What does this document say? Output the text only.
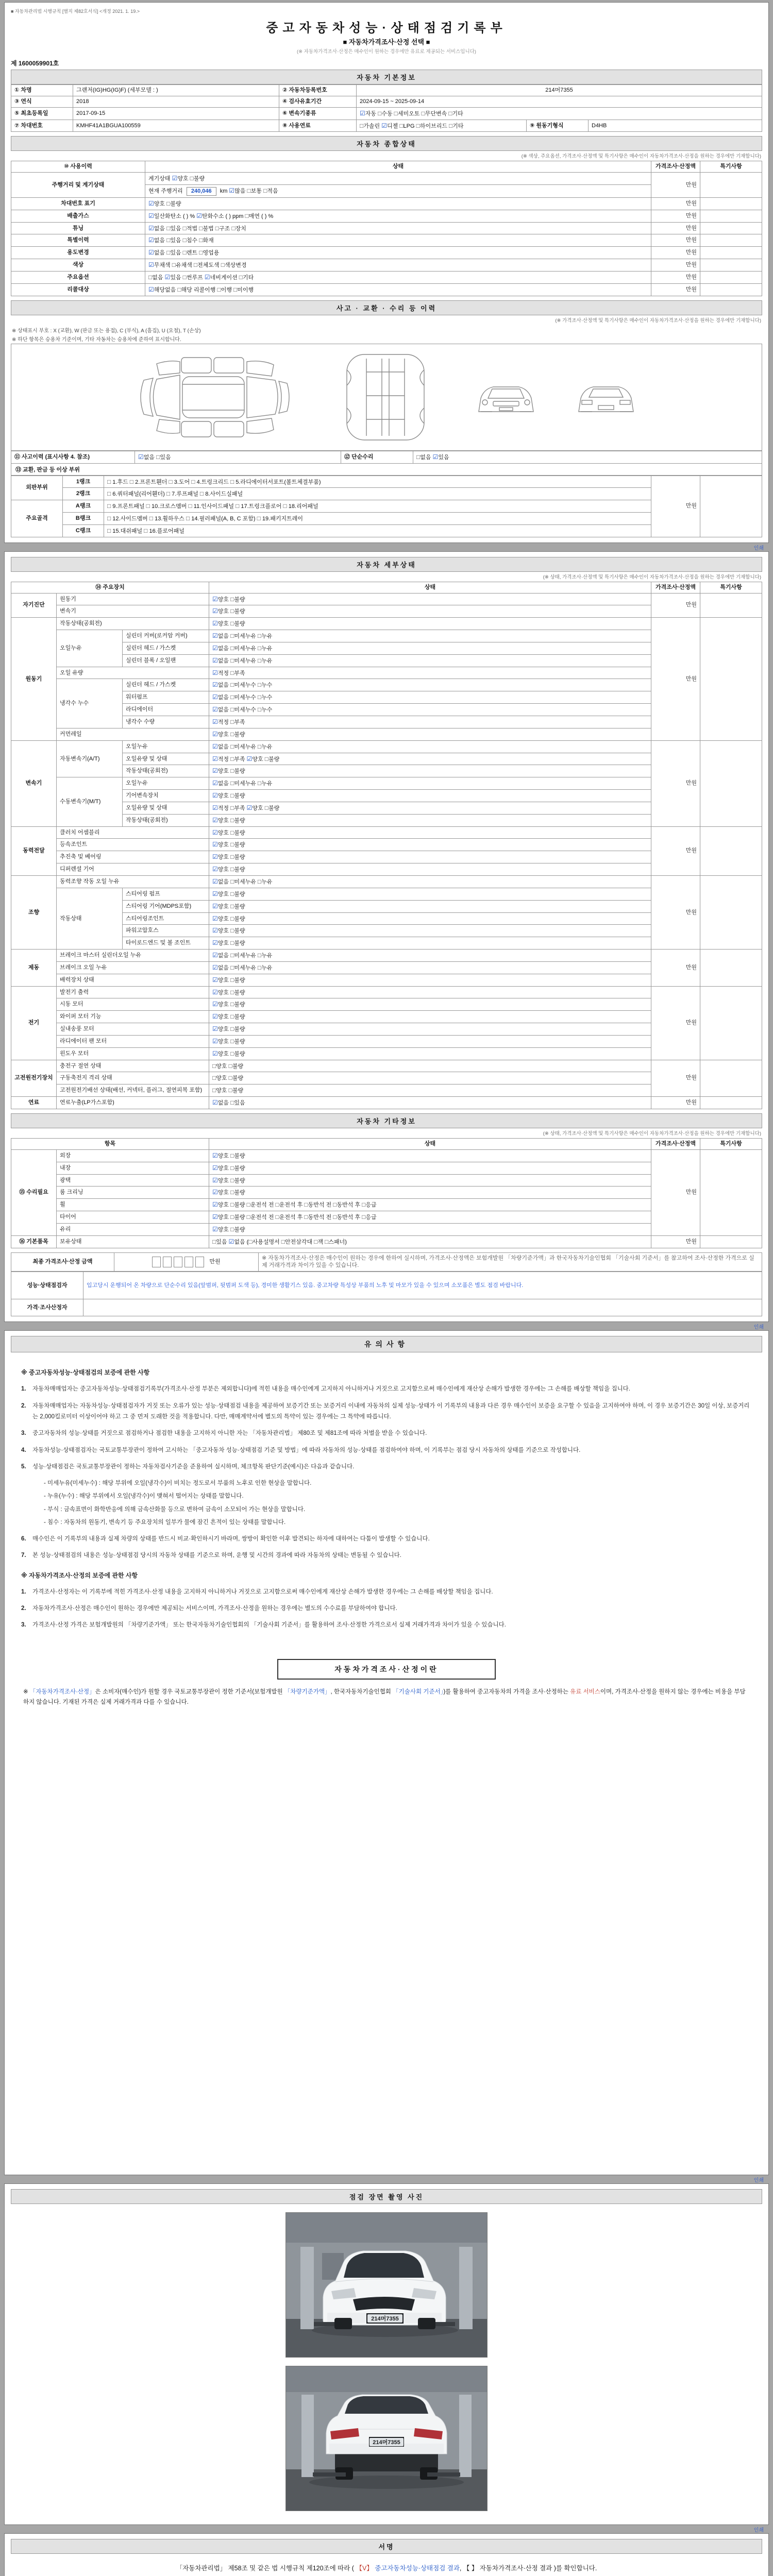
■ 자동차관리법 시행규칙 [별지 제82호서식] <개정 2021. 1. 19.>
중고자동차성능·상태점검기록부
■ 자동차가격조사·산정 선택 ■
(※ 자동차가격조사·산정은 매수인이 원하는 경우에만 유료로 제공되는 서비스입니다)
제 1600059901호
자동차 기본정보
① 차명	그랜저(IG)HG(IG)F) (세부모델 : )	② 자동차등록번호	214머7355		
③ 연식	2018	④ 검사유효기간	2024-09-15 ~ 2025-09-14		
⑤ 최초등록일	2017-09-15	⑥ 변속기종류	☑자동 □수동 □세미오토 □무단변속 □기타		
⑦ 차대번호	KMHF41A1BGUA100559	⑧ 사용연료	□가솔린 ☑디젤 □LPG □하이브리드 □기타	⑨ 원동기형식	D4HB
자동차 종합상태
(※ 색상, 주요옵션, 가격조사·산정액 및 특기사항은 매수인이 자동차가격조사·산정을 원하는 경우에만 기재합니다)
⑩ 사용이력	상태	가격조사·산정액	특기사항
주행거리 및 계기상태	계기상태 ☑양호 □불량	만원	
	현재 주행거리 240,046 km ☑많음 □보통 □적음		
차대번호 표기	☑양호 □불량	만원	
배출가스	☑일산화탄소 ( ) % ☑탄화수소 ( ) ppm □매연 ( ) %	만원	
튜닝	☑없음 □있음 □적법 □불법 □구조 □장치	만원	
특별이력	☑없음 □있음 □침수 □화재	만원	
용도변경	☑없음 □있음 □렌트 □영업용	만원	
색상	☑무채색 □유채색 □전체도색 □색상변경	만원	
주요옵션	□없음 ☑있음 □썬루프 ☑네비게이션 □기타	만원	
리콜대상	☑해당없음 □해당 리콜이행 □이행 □미이행	만원	
사고 · 교환 · 수리 등 이력
(※ 가격조사·산정액 및 특기사항은 매수인이 자동차가격조사·산정을 원하는 경우에만 기재합니다)
※ 상태표시 부호 : X (교환), W (판금 또는 용접), C (부식), A (흠집), U (요철), T (손상)
※ 하단 항목은 승용차 기준이며, 기타 자동차는 승용차에 준하여 표시합니다.
⑪ 사고이력 (표시사항 4. 참조)	☑없음 □있음	⑫ 단순수리	□없음 ☑있음
⑬ 교환, 판금 등 이상 부위
외판부위	1랭크	□ 1.후드 □ 2.프론트휀더 □ 3.도어 □ 4.트렁크리드 □ 5.라디에이터서포트(볼트체결부품)	만원	
	2랭크	□ 6.쿼터패널(리어휀더) □ 7.루프패널 □ 8.사이드실패널		
주요골격	A랭크	□ 9.프론트패널 □ 10.크로스멤버 □ 11.인사이드패널 □ 17.트렁크플로어 □ 18.리어패널		
	B랭크	□ 12.사이드멤버 □ 13.휠하우스 □ 14.필러패널(A, B, C 포함) □ 19.패키지트레이		
	C랭크	□ 15.대쉬패널 □ 16.플로어패널		
인쇄
자동차 세부상태
(※ 상태, 가격조사·산정액 및 특기사항은 매수인이 자동차가격조사·산정을 원하는 경우에만 기재합니다)
⑭ 주요장치			상태	가격조사·산정액	특기사항
자기진단	원동기		☑양호 □불량	만원	
	변속기		☑양호 □불량		
원동기	작동상태(공회전)		☑양호 □불량	만원	
	오일누유	실린더 커버(로커암 커버)	☑없음 □미세누유 □누유		
		실린더 헤드 / 가스켓	☑없음 □미세누유 □누유		
		실린더 블록 / 오일팬	☑없음 □미세누유 □누유		
	오일 유량		☑적정 □부족		
	냉각수 누수	실린더 헤드 / 가스켓	☑없음 □미세누수 □누수		
		워터펌프	☑없음 □미세누수 □누수		
		라디에이터	☑없음 □미세누수 □누수		
		냉각수 수량	☑적정 □부족		
	커먼레일		☑양호 □불량		
변속기	자동변속기(A/T)	오일누유	☑없음 □미세누유 □누유	만원	
		오일유량 및 상태	☑적정 □부족 ☑양호 □불량		
		작동상태(공회전)	☑양호 □불량		
	수동변속기(M/T)	오일누유	☑없음 □미세누유 □누유		
		기어변속장치	☑양호 □불량		
		오일유량 및 상태	☑적정 □부족 ☑양호 □불량		
		작동상태(공회전)	☑양호 □불량		
동력전달	클러치 어셈블리		☑양호 □불량	만원	
	등속조인트		☑양호 □불량		
	추진축 및 베어링		☑양호 □불량		
	디퍼렌셜 기어		☑양호 □불량		
조향	동력조향 작동 오일 누유		☑없음 □미세누유 □누유	만원	
	작동상태	스티어링 펌프	☑양호 □불량		
		스티어링 기어(MDPS포함)	☑양호 □불량		
		스티어링조인트	☑양호 □불량		
		파워고압호스	☑양호 □불량		
		타이로드엔드 및 볼 조인트	☑양호 □불량		
제동	브레이크 마스터 실린더오일 누유		☑없음 □미세누유 □누유	만원	
	브레이크 오일 누유		☑없음 □미세누유 □누유		
	배력장치 상태		☑양호 □불량		
전기	발전기 출력		☑양호 □불량	만원	
	시동 모터		☑양호 □불량		
	와이퍼 모터 기능		☑양호 □불량		
	실내송풍 모터		☑양호 □불량		
	라디에이터 팬 모터		☑양호 □불량		
	윈도우 모터		☑양호 □불량		
고전원전기장치	충전구 절연 상태		□양호 □불량	만원	
	구동축전지 격리 상태		□양호 □불량		
	고전원전기배선 상태(배선, 커넥터, 플러그, 절연피복 포함)		□양호 □불량		
연료	연료누출(LP가스포함)		☑없음 □있음	만원	
자동차 기타정보
(※ 상태, 가격조사·산정액 및 특기사항은 매수인이 자동차가격조사·산정을 원하는 경우에만 기재합니다)
항목		상태	가격조사·산정액	특기사항
⑮ 수리필요	외장	☑양호 □불량	만원	
	내장	☑양호 □불량		
	광택	☑양호 □불량		
	룸 크리닝	☑양호 □불량		
	휠	☑양호 □불량 □운전석 전 □운전석 후 □동반석 전 □동반석 후 □응급		
	타이어	☑양호 □불량 □운전석 전 □운전석 후 □동반석 전 □동반석 후 □응급		
	유리	☑양호 □불량		
⑯ 기본품목	보유상태	□있음 ☑없음 (□사용설명서 □안전삼각대 □잭 □스패너)	만원	
최종 가격조사·산정 금액	만원	※ 자동차가격조사·산정은 매수인이 원하는 경우에 한하여 실시하며, 가격조사·산정액은 보험개발원 「차량기준가액」과 한국자동차기술인협회 「기술사회 기준서」를 참고하여 조사·산정한 가격으로 실제 거래가격과 차이가 있을 수 있습니다.
성능·상태점검자	입고당시 운행되어 온 차량으로 단순수리 있음(앞범퍼, 뒷범퍼 도색 등), 경미한 생활기스 있음. 중고차량 특성상 부품의 노후 및 마모가 있을 수 있으며 소모품은 별도 점검 바랍니다.
가격·조사산정자	
인쇄
유의사항
※ 중고자동차성능·상태점검의 보증에 관한 사항
1.	자동차매매업자는 중고자동차성능·상태점검기록부(가격조사·산정 부분은 제외합니다)에 적힌 내용을 매수인에게 고지하지 아니하거나 거짓으로 고지함으로써 매수인에게 재산상 손해가 발생한 경우에는 그 손해를 배상할 책임을 집니다.
2.	자동차매매업자는 자동차성능·상태점검자가 거짓 또는 오류가 있는 성능·상태점검 내용을 제공하여 보증기간 또는 보증거리 이내에 자동차의 실제 성능·상태가 이 기록부의 내용과 다른 경우 매수인이 보증을 요구할 수 있음을 고지하여야 하며, 이 경우 보증기간은 30일 이상, 보증거리는 2,000킬로미터 이상이어야 하고 그 중 먼저 도래한 것을 적용합니다. 다만, 매매계약서에 별도의 특약이 있는 경우에는 그 특약에 따릅니다.
3.	중고자동차의 성능·상태를 거짓으로 점검하거나 점검한 내용을 고지하지 아니한 자는 「자동차관리법」 제80조 및 제81조에 따라 처벌을 받을 수 있습니다.
4.	자동차성능·상태점검자는 국토교통부장관이 정하여 고시하는 「중고자동차 성능·상태점검 기준 및 방법」에 따라 자동차의 성능·상태를 점검하여야 하며, 이 기록부는 점검 당시 자동차의 상태를 기준으로 작성합니다.
5.	성능·상태점검은 국토교통부장관이 정하는 자동차검사기준을 준용하여 실시하며, 체크항목 판단기준(예시)은 다음과 같습니다.
- 미세누유(미세누수) : 해당 부위에 오일(냉각수)이 비치는 정도로서 부품의 노후로 인한 현상을 말합니다.
- 누유(누수) : 해당 부위에서 오일(냉각수)이 맺혀서 떨어지는 상태를 말합니다.
- 부식 : 금속표면이 화학반응에 의해 금속산화물 등으로 변하여 금속이 소모되어 가는 현상을 말합니다.
- 침수 : 자동차의 원동기, 변속기 등 주요장치의 일부가 물에 잠긴 흔적이 있는 상태를 말합니다.
6.	매수인은 이 기록부의 내용과 실제 차량의 상태를 반드시 비교·확인하시기 바라며, 쌍방이 확인한 이후 발견되는 하자에 대하여는 다툼이 발생할 수 있습니다.
7.	본 성능·상태점검의 내용은 성능·상태점검 당시의 자동차 상태를 기준으로 하며, 운행 및 시간의 경과에 따라 자동차의 상태는 변동될 수 있습니다.
※ 자동차가격조사·산정의 보증에 관한 사항
1.	가격조사·산정자는 이 기록부에 적힌 가격조사·산정 내용을 고지하지 아니하거나 거짓으로 고지함으로써 매수인에게 재산상 손해가 발생한 경우에는 그 손해를 배상할 책임을 집니다.
2.	자동차가격조사·산정은 매수인이 원하는 경우에만 제공되는 서비스이며, 가격조사·산정을 원하는 경우에는 별도의 수수료를 부담하여야 합니다.
3.	가격조사·산정 가격은 보험개발원의 「차량기준가액」 또는 한국자동차기술인협회의 「기술사회 기준서」를 활용하여 조사·산정한 가격으로서 실제 거래가격과 차이가 있을 수 있습니다.
자동차가격조사·산정이란
※ 「자동차가격조사·산정」은 소비자(매수인)가 원할 경우 국토교통부장관이 정한 기준서(보험개발원 「차량기준가액」, 한국자동차기술인협회 「기술사회 기준서」)를 활용하여 중고자동차의 가격을 조사·산정하는 유료 서비스이며, 가격조사·산정을 원하지 않는 경우에는 비용을 부담하지 않습니다. 기재된 가격은 실제 거래가격과 다를 수 있습니다.
인쇄
점검 장면 촬영 사진
214머7355
214머7355
인쇄
서명
「자동차관리법」 제58조 및 같은 법 시행규칙 제120조에 따라 ( 【V】 중고자동차성능·상태점검 결과, 【 】 자동차가격조사·산정 결과 )를 확인합니다.
